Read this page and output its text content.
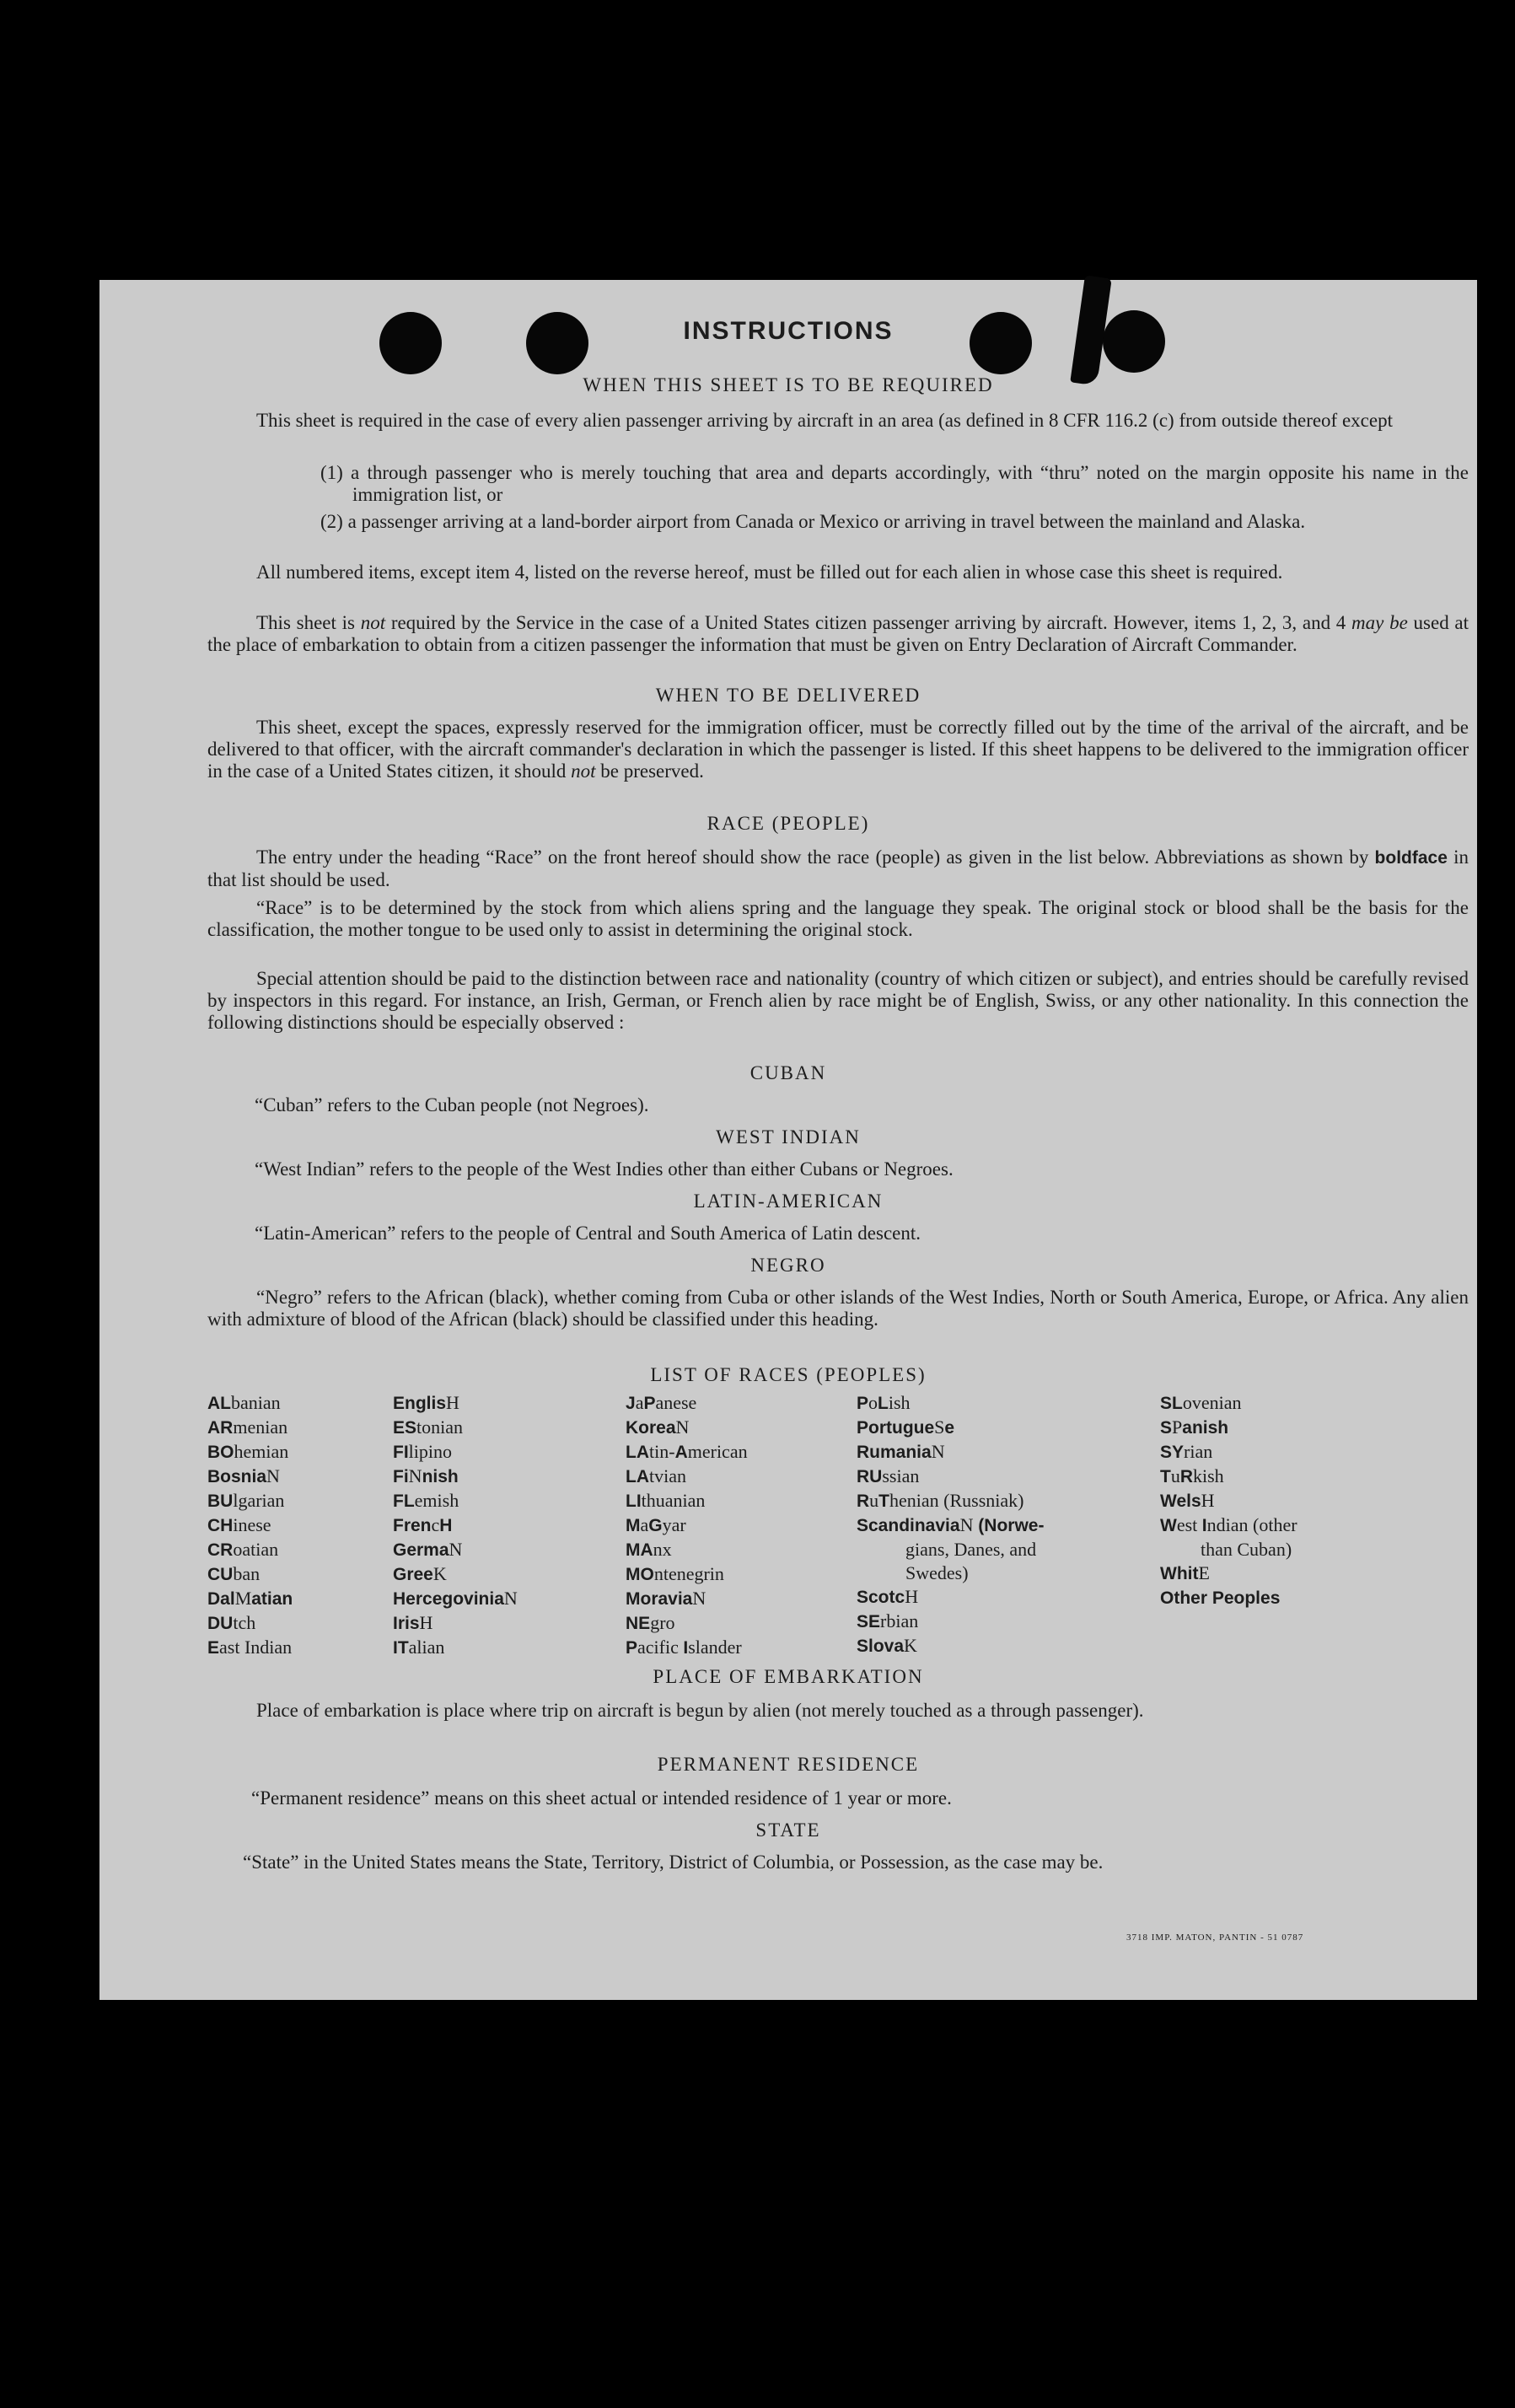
INSTRUCTIONS
WHEN THIS SHEET IS TO BE REQUIRED
This sheet is required in the case of every alien passenger arriving by aircraft in an area (as defined in 8 CFR 116.2 (c) from outside thereof except
(1) a through passenger who is merely touching that area and departs accordingly, with “thru” noted on the margin opposite his name in the immigration list, or
(2) a passenger arriving at a land-border airport from Canada or Mexico or arriving in travel between the mainland and Alaska.
All numbered items, except item 4, listed on the reverse hereof, must be filled out for each alien in whose case this sheet is required.
This sheet is not required by the Service in the case of a United States citizen passenger arriving by aircraft. However, items 1, 2, 3, and 4 may be used at the place of embarkation to obtain from a citizen passenger the information that must be given on Entry Declaration of Aircraft Commander.
WHEN TO BE DELIVERED
This sheet, except the spaces, expressly reserved for the immigration officer, must be correctly filled out by the time of the arrival of the aircraft, and be delivered to that officer, with the aircraft commander's declaration in which the passenger is listed. If this sheet happens to be delivered to the immigration officer in the case of a United States citizen, it should not be preserved.
RACE (PEOPLE)
The entry under the heading “Race” on the front hereof should show the race (people) as given in the list below. Abbreviations as shown by boldface in that list should be used.
“Race” is to be determined by the stock from which aliens spring and the language they speak. The original stock or blood shall be the basis for the classification, the mother tongue to be used only to assist in determining the original stock.
Special attention should be paid to the distinction between race and nationality (country of which citizen or subject), and entries should be carefully revised by inspectors in this regard. For instance, an Irish, German, or French alien by race might be of English, Swiss, or any other nationality. In this connection the following distinctions should be especially observed :
CUBAN
“Cuban” refers to the Cuban people (not Negroes).
WEST INDIAN
“West Indian” refers to the people of the West Indies other than either Cubans or Negroes.
LATIN-AMERICAN
“Latin-American” refers to the people of Central and South America of Latin descent.
NEGRO
“Negro” refers to the African (black), whether coming from Cuba or other islands of the West Indies, North or South America, Europe, or Africa. Any alien with admixture of blood of the African (black) should be classified under this heading.
LIST OF RACES (PEOPLES)
ALbanian
ARmenian
BOhemian
BosniaN
BUlgarian
CHinese
CRoatian
CUban
DalMatian
DUtch
East Indian
EnglisH
EStonian
FIlipino
FiNnish
FLemish
FrencH
GermaN
GreeK
HercegoviniaN
IrisH
ITalian
JaPanese
KoreaN
LAtin-American
LAtvian
LIthuanian
MaGyar
MAnx
MOntenegrin
MoraviaN
NEgro
Pacific Islander
PoLish
PortugueSe
RumaniaN
RUssian
RuThenian (Russniak)
ScandinaviaN (Norwe-
gians, Danes, and
Swedes)
ScotcH
SErbian
SlovaK
SLovenian
SPanish
SYrian
TuRkish
WelsH
West Indian (other
than Cuban)
WhitE
Other Peoples
PLACE OF EMBARKATION
Place of embarkation is place where trip on aircraft is begun by alien (not merely touched as a through passenger).
PERMANENT RESIDENCE
“Permanent residence” means on this sheet actual or intended residence of 1 year or more.
STATE
“State” in the United States means the State, Territory, District of Columbia, or Possession, as the case may be.
3718 IMP. MATON, PANTIN - 51 0787
